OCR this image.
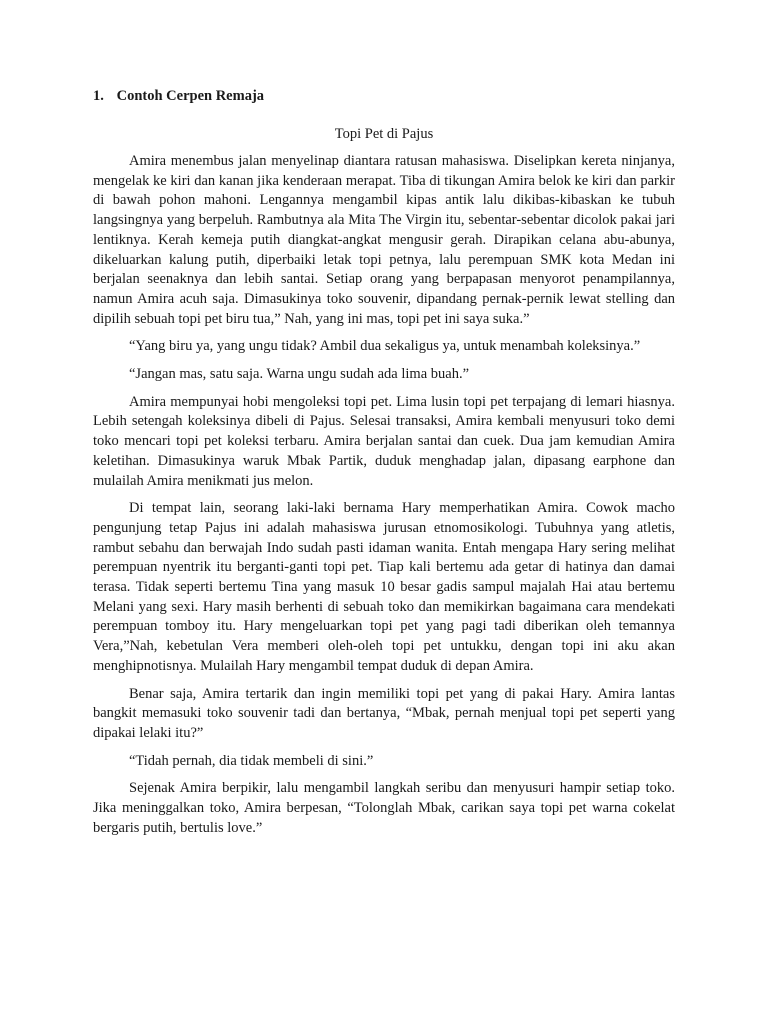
1. Contoh Cerpen Remaja
Topi Pet di Pajus

Amira menembus jalan menyelinap diantara ratusan mahasiswa. Diselipkan kereta ninjanya, mengelak ke kiri dan kanan jika kenderaan merapat. Tiba di tikungan Amira belok ke kiri dan parkir di bawah pohon mahoni. Lengannya mengambil kipas antik lalu dikibas-kibaskan ke tubuh langsingnya yang berpeluh. Rambutnya ala Mita The Virgin itu, sebentar-sebentar dicolok pakai jari lentiknya. Kerah kemeja putih diangkat-angkat mengusir gerah. Dirapikan celana abu-abunya, dikeluarkan kalung putih, diperbaiki letak topi petnya, lalu perempuan SMK kota Medan ini berjalan seenaknya dan lebih santai. Setiap orang yang berpapasan menyorot penampilannya, namun Amira acuh saja. Dimasukinya toko souvenir, dipandang pernak-pernik lewat stelling dan dipilih sebuah topi pet biru tua,” Nah, yang ini mas, topi pet ini saya suka.”

“Yang biru ya, yang ungu tidak? Ambil dua sekaligus ya, untuk menambah koleksinya.”

“Jangan mas, satu saja. Warna ungu sudah ada lima buah.”

Amira mempunyai hobi mengoleksi topi pet. Lima lusin topi pet terpajang di lemari hiasnya. Lebih setengah koleksinya dibeli di Pajus. Selesai transaksi, Amira kembali menyusuri toko demi toko mencari topi pet koleksi terbaru. Amira berjalan santai dan cuek. Dua jam kemudian Amira keletihan. Dimasukinya waruk Mbak Partik, duduk menghadap jalan, dipasang earphone dan mulailah Amira menikmati jus melon.

Di tempat lain, seorang laki-laki bernama Hary memperhatikan Amira. Cowok macho pengunjung tetap Pajus ini adalah mahasiswa jurusan etnomosikologi. Tubuhnya yang atletis, rambut sebahu dan berwajah Indo sudah pasti idaman wanita. Entah mengapa Hary sering melihat perempuan nyentrik itu berganti-ganti topi pet. Tiap kali bertemu ada getar di hatinya dan damai terasa. Tidak seperti bertemu Tina yang masuk 10 besar gadis sampul majalah Hai atau bertemu Melani yang sexi. Hary masih berhenti di sebuah toko dan memikirkan bagaimana cara mendekati perempuan tomboy itu. Hary mengeluarkan topi pet yang pagi tadi diberikan oleh temannya Vera,”Nah, kebetulan Vera memberi oleh-oleh topi pet untukku, dengan topi ini aku akan menghipnotisnya. Mulailah Hary mengambil tempat duduk di depan Amira.

Benar saja, Amira tertarik dan ingin memiliki topi pet yang di pakai Hary. Amira lantas bangkit memasuki toko souvenir tadi dan bertanya, “Mbak, pernah menjual topi pet seperti yang dipakai lelaki itu?”

“Tidah pernah, dia tidak membeli di sini.”

Sejenak Amira berpikir, lalu mengambil langkah seribu dan menyusuri hampir setiap toko. Jika meninggalkan toko, Amira berpesan, “Tolonglah Mbak, carikan saya topi pet warna cokelat bergaris putih, bertulis love.”
